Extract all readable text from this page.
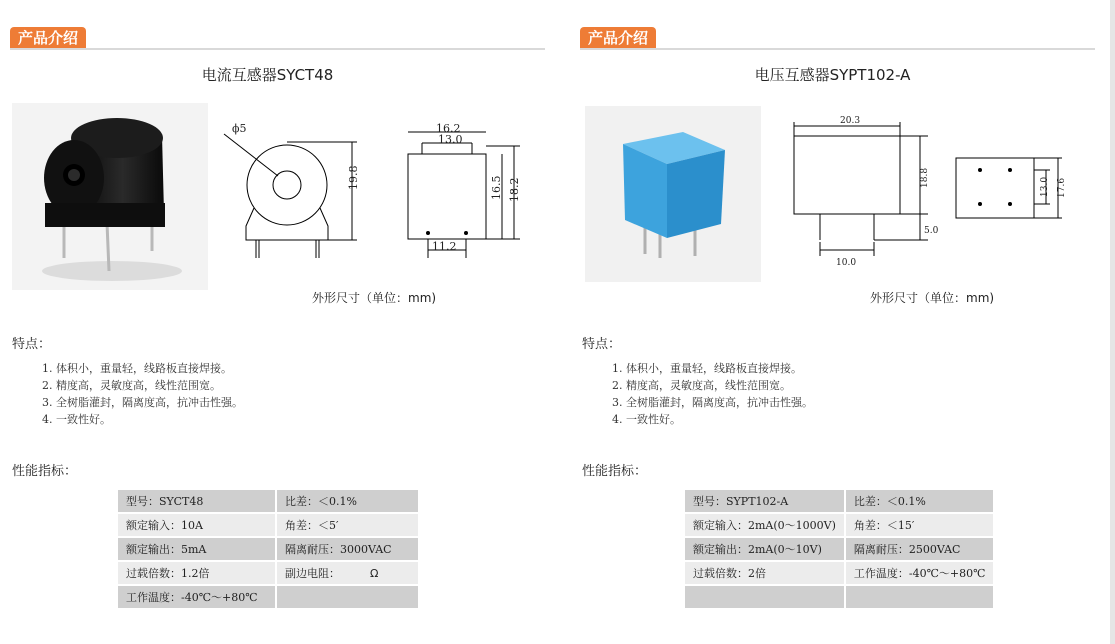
产品介绍
电流互感器SYCT48
ϕ5
19.8
16.2
13.0
16.5 18.2
11.2
外形尺寸（单位：mm)
特点：
1. 体积小，重量轻，线路板直接焊接。
2. 精度高，灵敏度高，线性范围宽。
3. 全树脂灌封，隔离度高，抗冲击性强。
4. 一致性好。
性能指标：
型号：SYCT48	比差：＜0.1%
额定输入：10A	角差：＜5′
额定输出：5mA	隔离耐压：3000VAC
过载倍数：1.2倍	副边电阻： Ω
工作温度：-40℃～+80℃	
产品介绍
电压互感器SYPT102-A
20.3
18.8
5.0
10.0
13.0 17.6
外形尺寸（单位：mm)
特点：
1. 体积小，重量轻，线路板直接焊接。
2. 精度高，灵敏度高，线性范围宽。
3. 全树脂灌封，隔离度高，抗冲击性强。
4. 一致性好。
性能指标：
型号：SYPT102-A	比差：＜0.1%
额定输入：2mA(0～1000V)	角差：＜15′
额定输出：2mA(0～10V)	隔离耐压：2500VAC
过载倍数：2倍	工作温度：-40℃～+80℃
